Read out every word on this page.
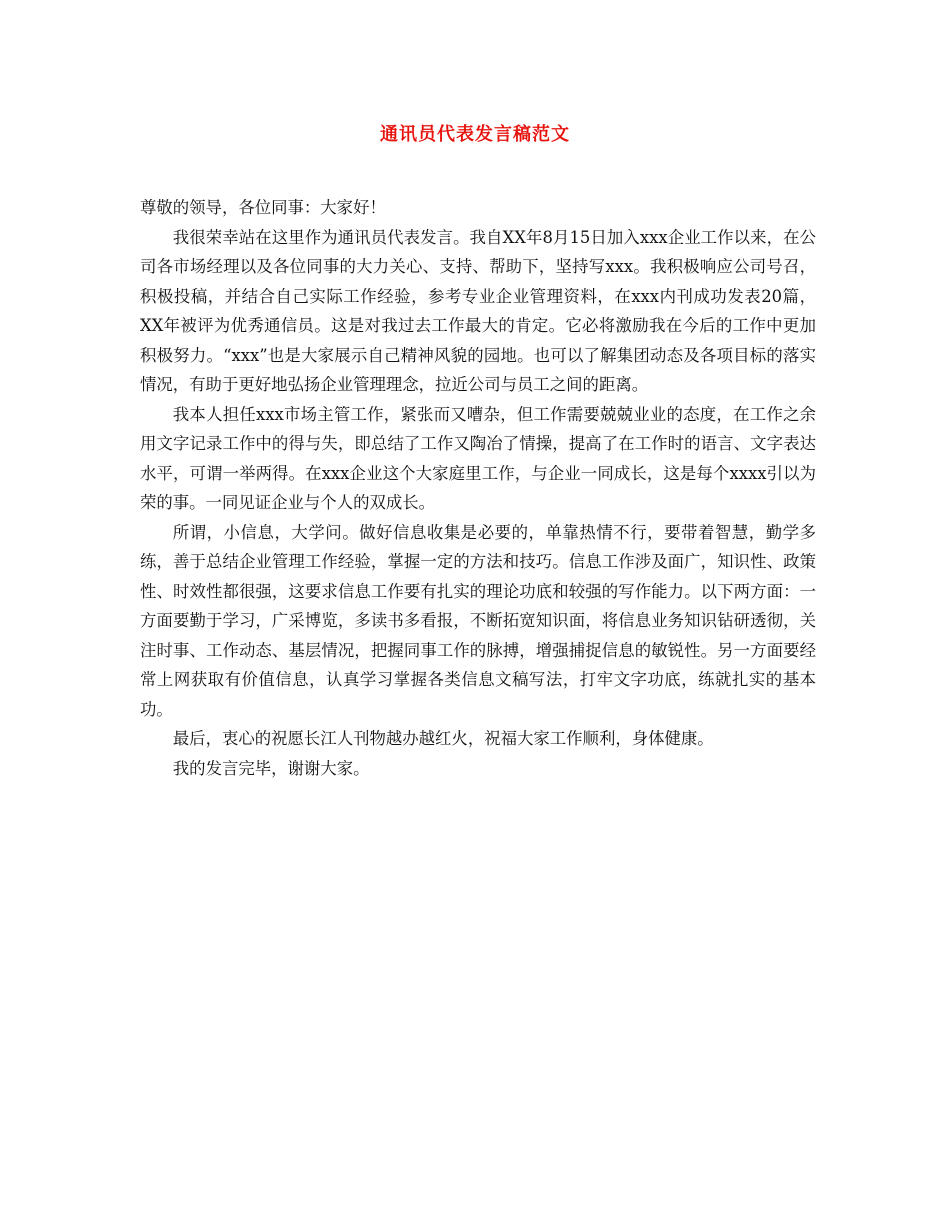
通讯员代表发言稿范文

尊敬的领导，各位同事：大家好！

我很荣幸站在这里作为通讯员代表发言。我自XX年8月15日加入xxx企业工作以来，在公司各市场经理以及各位同事的大力关心、支持、帮助下，坚持写xxx。我积极响应公司号召，积极投稿，并结合自己实际工作经验，参考专业企业管理资料，在xxx内刊成功发表20篇，XX年被评为优秀通信员。这是对我过去工作最大的肯定。它必将激励我在今后的工作中更加积极努力。“xxx”也是大家展示自己精神风貌的园地。也可以了解集团动态及各项目标的落实情况，有助于更好地弘扬企业管理理念，拉近公司与员工之间的距离。

我本人担任xxx市场主管工作，紧张而又嘈杂，但工作需要兢兢业业的态度，在工作之余用文字记录工作中的得与失，即总结了工作又陶冶了情操，提高了在工作时的语言、文字表达水平，可谓一举两得。在xxx企业这个大家庭里工作，与企业一同成长，这是每个xxxx引以为荣的事。一同见证企业与个人的双成长。

所谓，小信息，大学问。做好信息收集是必要的，单靠热情不行，要带着智慧，勤学多练，善于总结企业管理工作经验，掌握一定的方法和技巧。信息工作涉及面广，知识性、政策性、时效性都很强，这要求信息工作要有扎实的理论功底和较强的写作能力。以下两方面：一方面要勤于学习，广采博览，多读书多看报，不断拓宽知识面，将信息业务知识钻研透彻，关注时事、工作动态、基层情况，把握同事工作的脉搏，增强捕捉信息的敏锐性。另一方面要经常上网获取有价值信息，认真学习掌握各类信息文稿写法，打牢文字功底，练就扎实的基本功。

最后，衷心的祝愿长江人刊物越办越红火，祝福大家工作顺利，身体健康。

我的发言完毕，谢谢大家。
